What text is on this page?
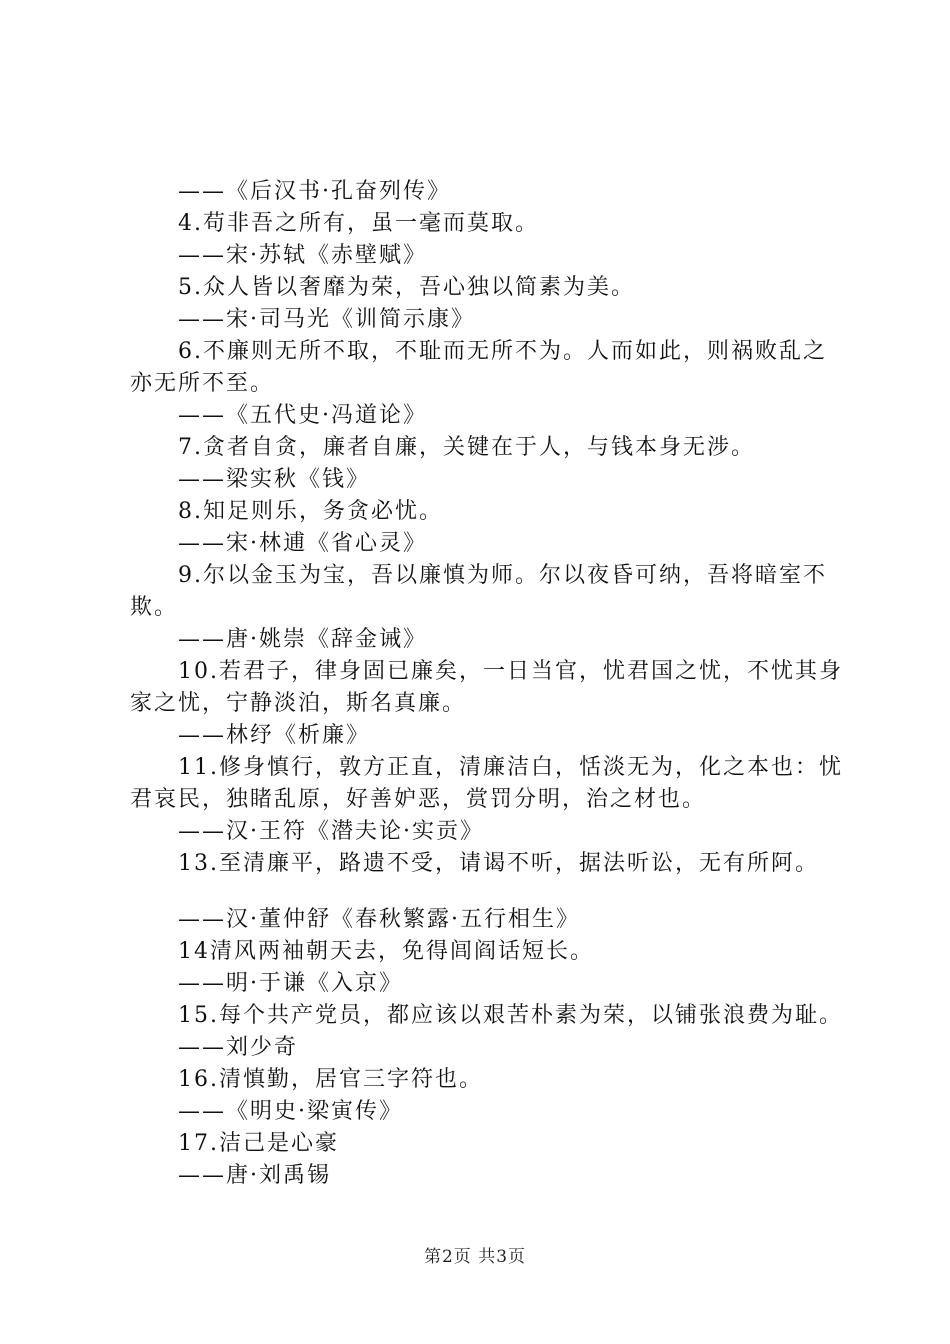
——《后汉书·孔奋列传》

4.苟非吾之所有，虽一毫而莫取。

——宋·苏轼《赤壁赋》

5.众人皆以奢靡为荣，吾心独以简素为美。

——宋·司马光《训简示康》

6.不廉则无所不取，不耻而无所不为。人而如此，则祸败乱之亦无所不至。

——《五代史·冯道论》

7.贪者自贪，廉者自廉，关键在于人，与钱本身无涉。

——梁实秋《钱》

8.知足则乐，务贪必忧。

——宋·林逋《省心灵》

9.尔以金玉为宝，吾以廉慎为师。尔以夜昏可纳，吾将暗室不欺。

——唐·姚崇《辞金诫》

10.若君子，律身固已廉矣，一日当官，忧君国之忧，不忧其身家之忧，宁静淡泊，斯名真廉。

——林纾《析廉》

11.修身慎行，敦方正直，清廉洁白，恬淡无为，化之本也：忧君哀民，独睹乱原，好善妒恶，赏罚分明，治之材也。

——汉·王符《潜夫论·实贡》

13.至清廉平，路遗不受，请谒不听，据法听讼，无有所阿。

——汉·董仲舒《春秋繁露·五行相生》

14清风两袖朝天去，免得闾阎话短长。

——明·于谦《入京》

15.每个共产党员，都应该以艰苦朴素为荣，以铺张浪费为耻。

——刘少奇

16.清慎勤，居官三字符也。

——《明史·梁寅传》

17.洁己是心豪

——唐·刘禹锡

第2页 共3页
